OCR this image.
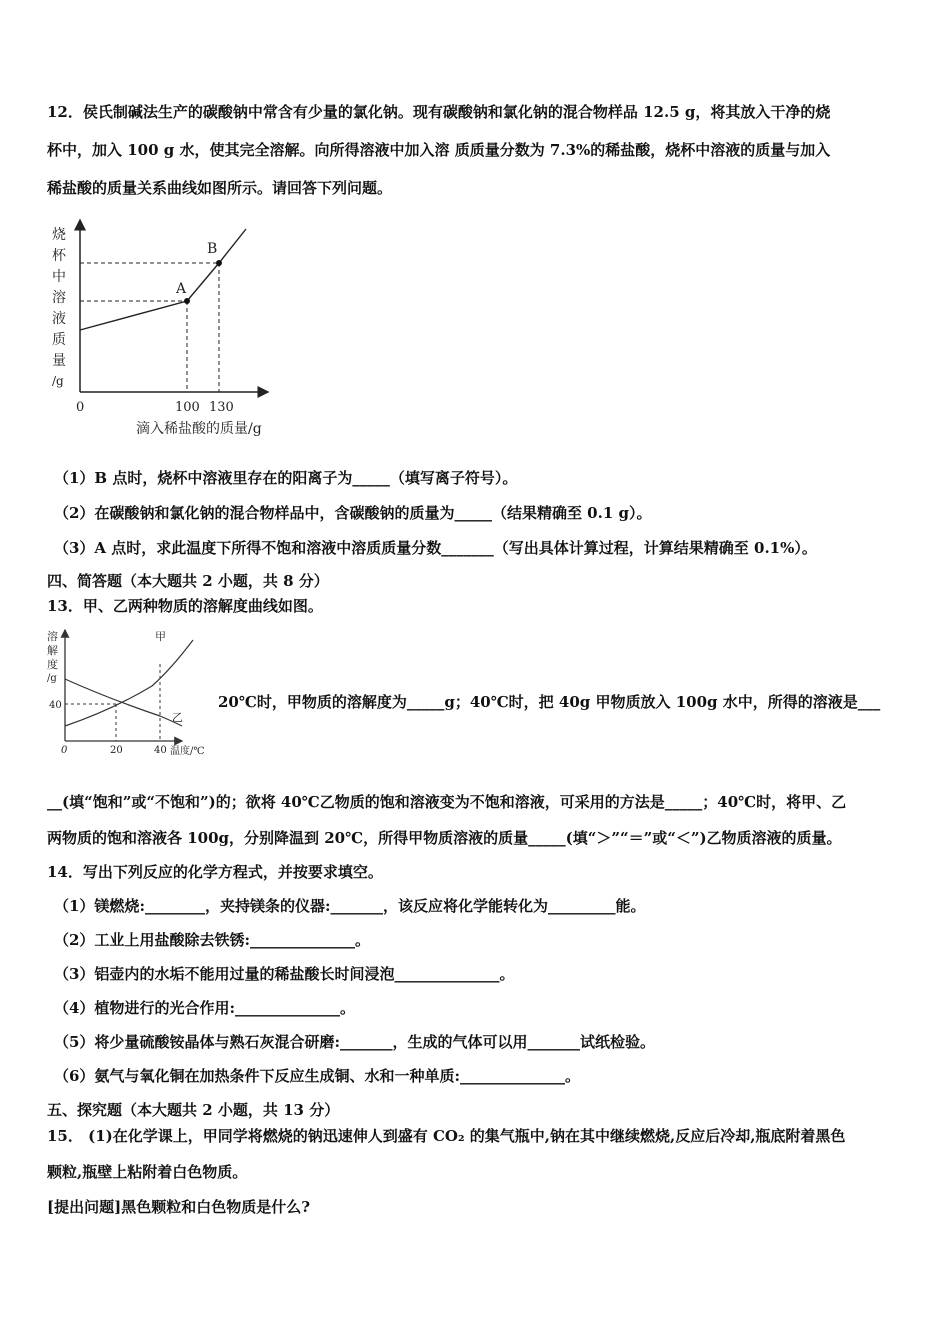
12．侯氏制碱法生产的碳酸钠中常含有少量的氯化钠。现有碳酸钠和氯化钠的混合物样品 12.5 g，将其放入干净的烧
杯中，加入 100 g 水，使其完全溶解。向所得溶液中加入溶 质质量分数为 7.3%的稀盐酸，烧杯中溶液的质量与加入
稀盐酸的质量关系曲线如图所示。请回答下列问题。
烧
杯
中
溶
液
质
量
/g
A
B
0	100 130
滴入稀盐酸的质量/g
（1）B 点时，烧杯中溶液里存在的阳离子为_____（填写离子符号）。
（2）在碳酸钠和氯化钠的混合物样品中，含碳酸钠的质量为_____（结果精确至 0.1 g）。
（3）A 点时，求此温度下所得不饱和溶液中溶质质量分数_______（写出具体计算过程，计算结果精确至 0.1%）。
四、简答题（本大题共 2 小题，共 8 分）
13．甲、乙两种物质的溶解度曲线如图。
溶
解
度
/g
40
0	20	40 温度/℃
甲
乙
20℃时，甲物质的溶解度为_____g；40℃时，把 40g 甲物质放入 100g 水中，所得的溶液是___
__(填“饱和”或“不饱和”)的；欲将 40℃乙物质的饱和溶液变为不饱和溶液，可采用的方法是_____；40℃时，将甲、乙
两物质的饱和溶液各 100g，分别降温到 20℃，所得甲物质溶液的质量_____(填“＞”“＝”或“＜”)乙物质溶液的质量。
14．写出下列反应的化学方程式，并按要求填空。
（1）镁燃烧:________，夹持镁条的仪器:_______，该反应将化学能转化为_________能。
（2）工业上用盐酸除去铁锈:______________。
（3）铝壶内的水垢不能用过量的稀盐酸长时间浸泡______________。
（4）植物进行的光合作用:______________。
（5）将少量硫酸铵晶体与熟石灰混合研磨:_______，生成的气体可以用_______试纸检验。
（6）氨气与氧化铜在加热条件下反应生成铜、水和一种单质:______________。
五、探究题（本大题共 2 小题，共 13 分）
15． (1)在化学课上，甲同学将燃烧的钠迅速伸人到盛有 CO₂ 的集气瓶中,钠在其中继续燃烧,反应后冷却,瓶底附着黑色
颗粒,瓶壁上粘附着白色物质。
[提出问题]黑色颗粒和白色物质是什么?
